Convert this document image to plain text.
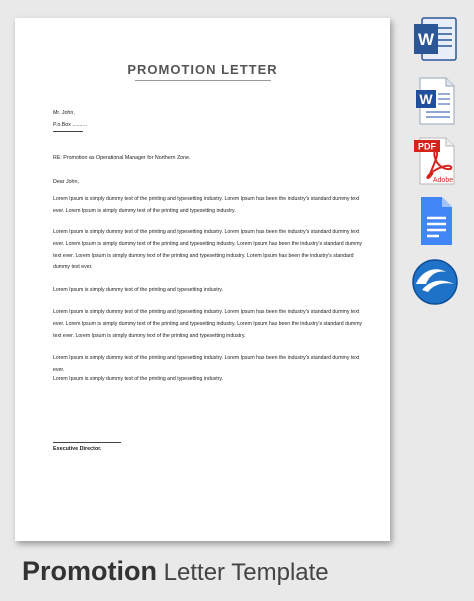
PROMOTION LETTER
Mr. John,
P.o.Box ..........
RE: Promotion as Operational Manager for Northern Zone.
Dear John,
Lorem Ipsum is simply dummy text of the printing and typesetting industry. Lorem Ipsum has been the industry's standard dummy text ever. Lorem Ipsum is simply dummy text of the printing and typesetting industry.
Lorem Ipsum is simply dummy text of the printing and typesetting industry. Lorem Ipsum has been the industry's standard dummy text ever. Lorem Ipsum is simply dummy text of the printing and typesetting industry. Lorem Ipsum has been the industry's standard dummy text ever. Lorem Ipsum is simply dummy text of the printing and typesetting industry. Lorem Ipsum has been the industry's standard dummy text ever.
Lorem Ipsum is simply dummy text of the printing and typesetting industry.
Lorem Ipsum is simply dummy text of the printing and typesetting industry. Lorem Ipsum has been the industry's standard dummy text ever. Lorem Ipsum is simply dummy text of the printing and typesetting industry. Lorem Ipsum has been the industry's standard dummy text ever. Lorem Ipsum is simply dummy text of the printing and typesetting industry.
Lorem Ipsum is simply dummy text of the printing and typesetting industry. Lorem Ipsum has been the industry's standard dummy text ever.
Lorem Ipsum is simply dummy text of the printing and typesetting industry.
Executive Director.
W
W
PDF
Adobe
Promotion Letter Template
